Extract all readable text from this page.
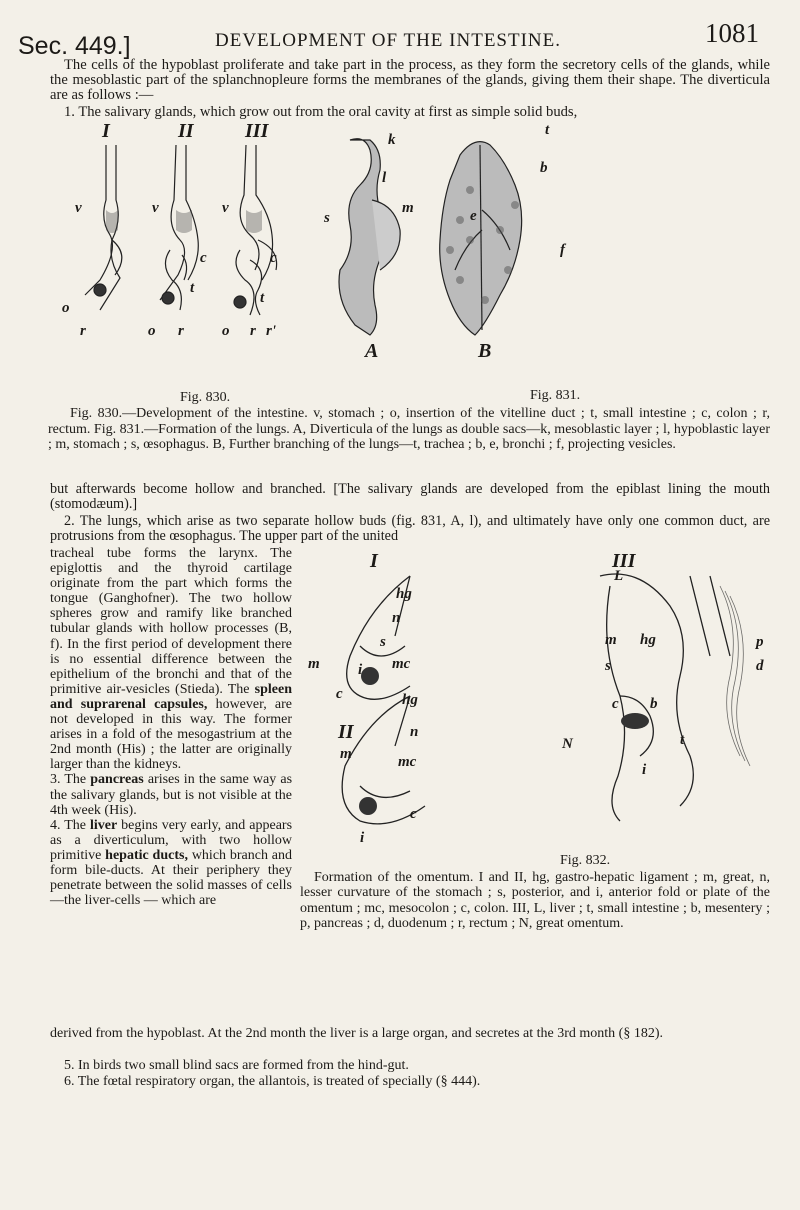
Sec. 449.]	DEVELOPMENT OF THE INTESTINE.	1081

The cells of the hypoblast proliferate and take part in the process, as they form the secretory cells of the glands, while the mesoblastic part of the splanchnopleure forms the membranes of the glands, giving them their shape. The diverticula are as follows :—

1. The salivary glands, which grow out from the oral cavity at first as simple solid buds,

I	II	III
v	v	v
c	c
t
t
o
r	o r	o r r'
Fig. 830.
k
l
s
m
b
e
f
t
A	B
Fig. 831.

Fig. 830.—Development of the intestine. v, stomach ; o, insertion of the vitelline duct ; t, small intestine ; c, colon ; r, rectum. Fig. 831.—Formation of the lungs. A, Diverticula of the lungs as double sacs—k, mesoblastic layer ; l, hypoblastic layer ; m, stomach ; s, œsophagus. B, Further branching of the lungs—t, trachea ; b, e, bronchi ; f, projecting vesicles.

but afterwards become hollow and branched. [The salivary glands are developed from the epiblast lining the mouth (stomodæum).]

2. The lungs, which arise as two separate hollow buds (fig. 831, A, l), and ultimately have only one common duct, are protrusions from the œsophagus. The upper part of the united

tracheal tube forms the larynx. The epiglottis and the thyroid cartilage originate from the part which forms the tongue (Ganghofner). The two hollow spheres grow and ramify like branched tubular glands with hollow processes (B, f). In the first period of development there is no essential difference between the epithelium of the bronchi and that of the primitive air-vesicles (Stieda). The spleen and suprarenal capsules, however, are not developed in this way. The former arises in a fold of the mesogastrium at the 2nd month (His) ; the latter are originally larger than the kidneys.

3. The pancreas arises in the same way as the salivary glands, but is not visible at the 4th week (His).

4. The liver begins very early, and appears as a diverticulum, with two hollow primitive hepatic ducts, which branch and form bile-ducts. At their periphery they penetrate between the solid masses of cells —the liver-cells — which are

I
II
III
hg
n
s
m	mc
i
c	hg
n
m	mc
c
i
L
hg
m
s
c b
t
i
p
d
N
Fig. 832.

Formation of the omentum. I and II, hg, gastro-hepatic ligament ; m, great, n, lesser curvature of the stomach ; s, posterior, and i, anterior fold or plate of the omentum ; mc, mesocolon ; c, colon. III, L, liver ; t, small intestine ; b, mesentery ; p, pancreas ; d, duodenum ; r, rectum ; N, great omentum.

derived from the hypoblast. At the 2nd month the liver is a large organ, and secretes at the 3rd month (§ 182).

5. In birds two small blind sacs are formed from the hind-gut.

6. The fœtal respiratory organ, the allantois, is treated of specially (§ 444).
